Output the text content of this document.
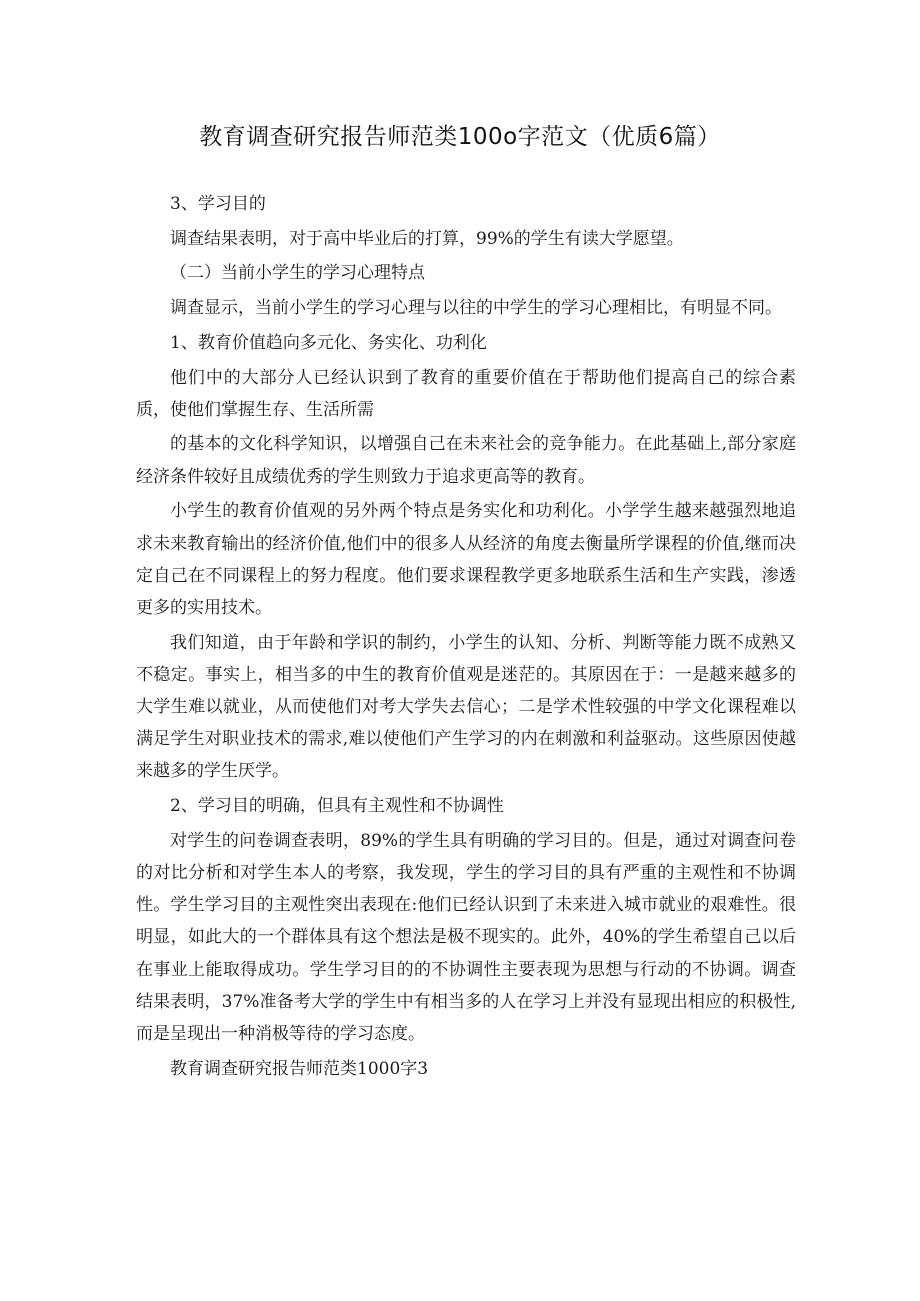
教育调查研究报告师范类100o字范文（优质6篇）

3、学习目的

调查结果表明，对于高中毕业后的打算，99%的学生有读大学愿望。

（二）当前小学生的学习心理特点

调查显示，当前小学生的学习心理与以往的中学生的学习心理相比，有明显不同。

1、教育价值趋向多元化、务实化、功利化

他们中的大部分人已经认识到了教育的重要价值在于帮助他们提高自己的综合素质，使他们掌握生存、生活所需

的基本的文化科学知识，以增强自己在未来社会的竞争能力。在此基础上,部分家庭经济条件较好且成绩优秀的学生则致力于追求更高等的教育。

小学生的教育价值观的另外两个特点是务实化和功利化。小学学生越来越强烈地追求未来教育输出的经济价值,他们中的很多人从经济的角度去衡量所学课程的价值,继而决定自己在不同课程上的努力程度。他们要求课程教学更多地联系生活和生产实践，渗透更多的实用技术。

我们知道，由于年龄和学识的制约，小学生的认知、分析、判断等能力既不成熟又不稳定。事实上，相当多的中生的教育价值观是迷茫的。其原因在于：一是越来越多的大学生难以就业，从而使他们对考大学失去信心；二是学术性较强的中学文化课程难以满足学生对职业技术的需求,难以使他们产生学习的内在刺激和利益驱动。这些原因使越来越多的学生厌学。

2、学习目的明确，但具有主观性和不协调性

对学生的问卷调查表明，89%的学生具有明确的学习目的。但是，通过对调查问卷的对比分析和对学生本人的考察，我发现，学生的学习目的具有严重的主观性和不协调性。学生学习目的主观性突出表现在:他们已经认识到了未来进入城市就业的艰难性。很明显，如此大的一个群体具有这个想法是极不现实的。此外，40%的学生希望自己以后在事业上能取得成功。学生学习目的的不协调性主要表现为思想与行动的不协调。调查结果表明，37%准备考大学的学生中有相当多的人在学习上并没有显现出相应的积极性,而是呈现出一种消极等待的学习态度。

教育调查研究报告师范类1000字3
